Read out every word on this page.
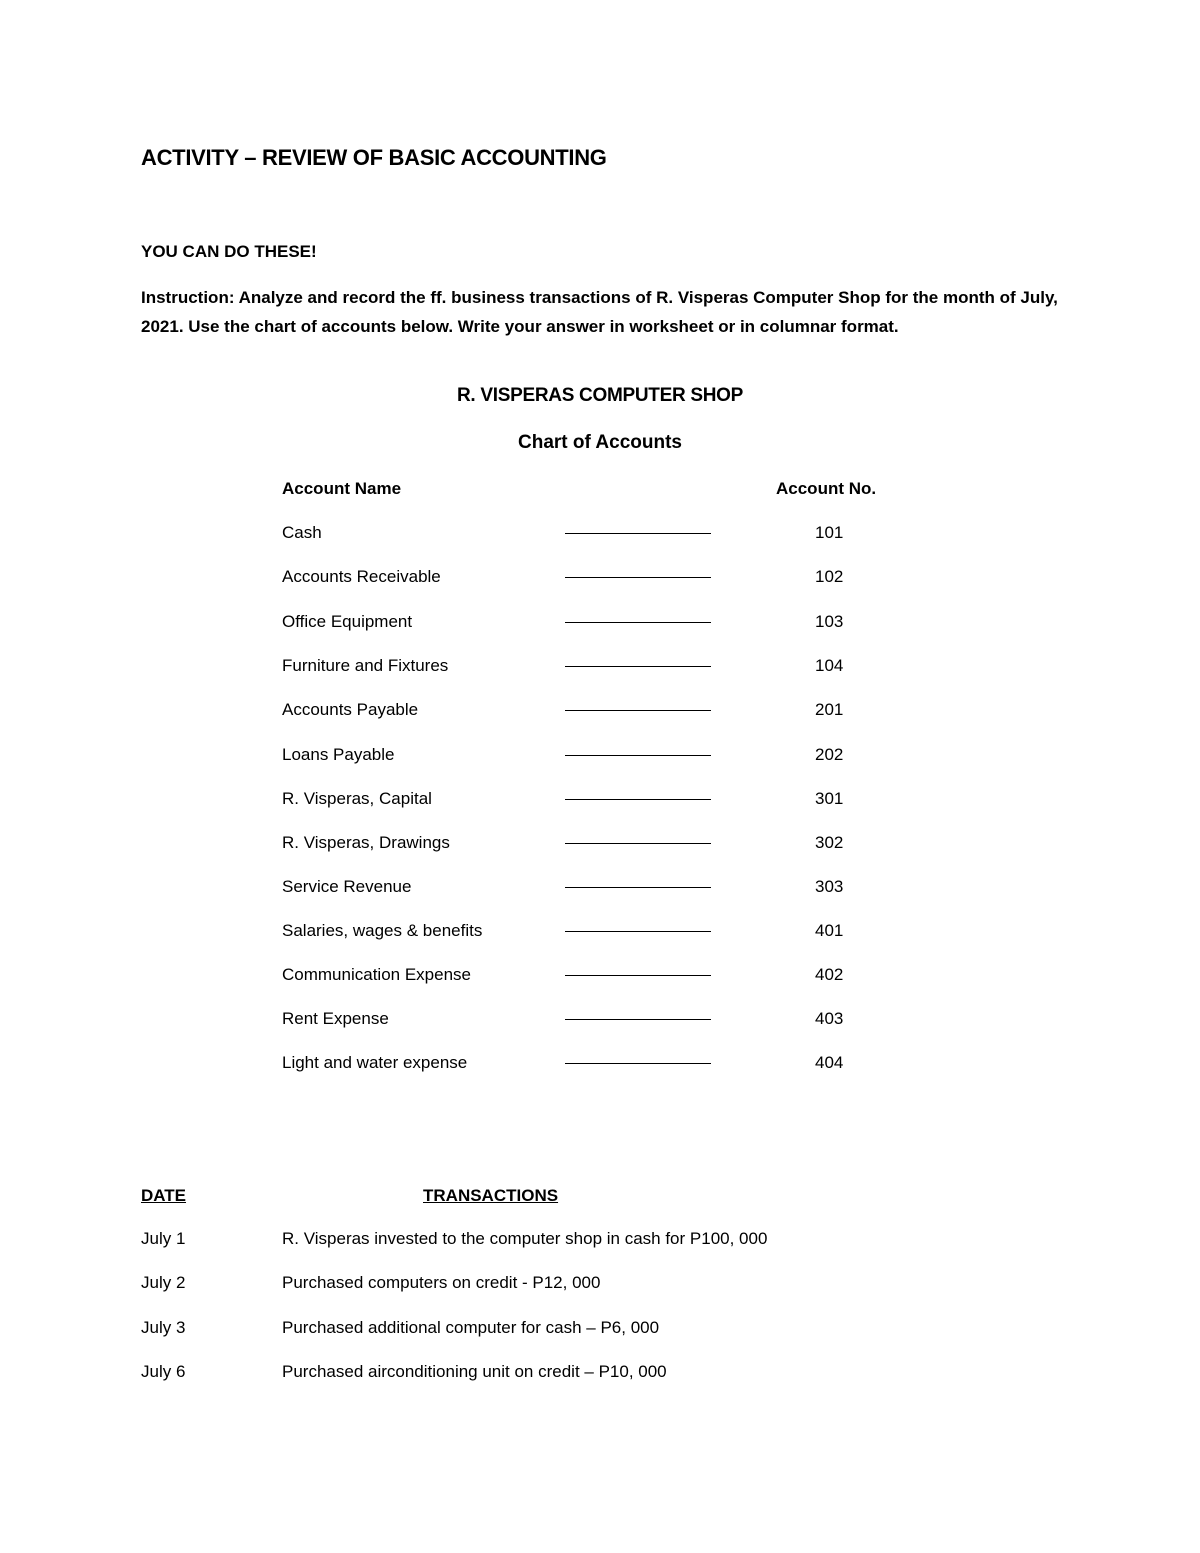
ACTIVITY – REVIEW OF BASIC ACCOUNTING
YOU CAN DO THESE!
Instruction: Analyze and record the ff. business transactions of R. Visperas Computer Shop for the month of July, 2021. Use the chart of accounts below. Write your answer in worksheet or in columnar format.
R. VISPERAS COMPUTER SHOP
Chart of Accounts
Account Name	Account No.
Cash	101
Accounts Receivable	102
Office Equipment	103
Furniture and Fixtures	104
Accounts Payable	201
Loans Payable	202
R. Visperas, Capital	301
R. Visperas, Drawings	302
Service Revenue	303
Salaries, wages & benefits	401
Communication Expense	402
Rent Expense	403
Light and water expense	404
DATE	TRANSACTIONS
July 1	R. Visperas invested to the computer shop in cash for P100, 000
July 2	Purchased computers on credit - P12, 000
July 3	Purchased additional computer for cash – P6, 000
July 6	Purchased airconditioning unit on credit – P10, 000
